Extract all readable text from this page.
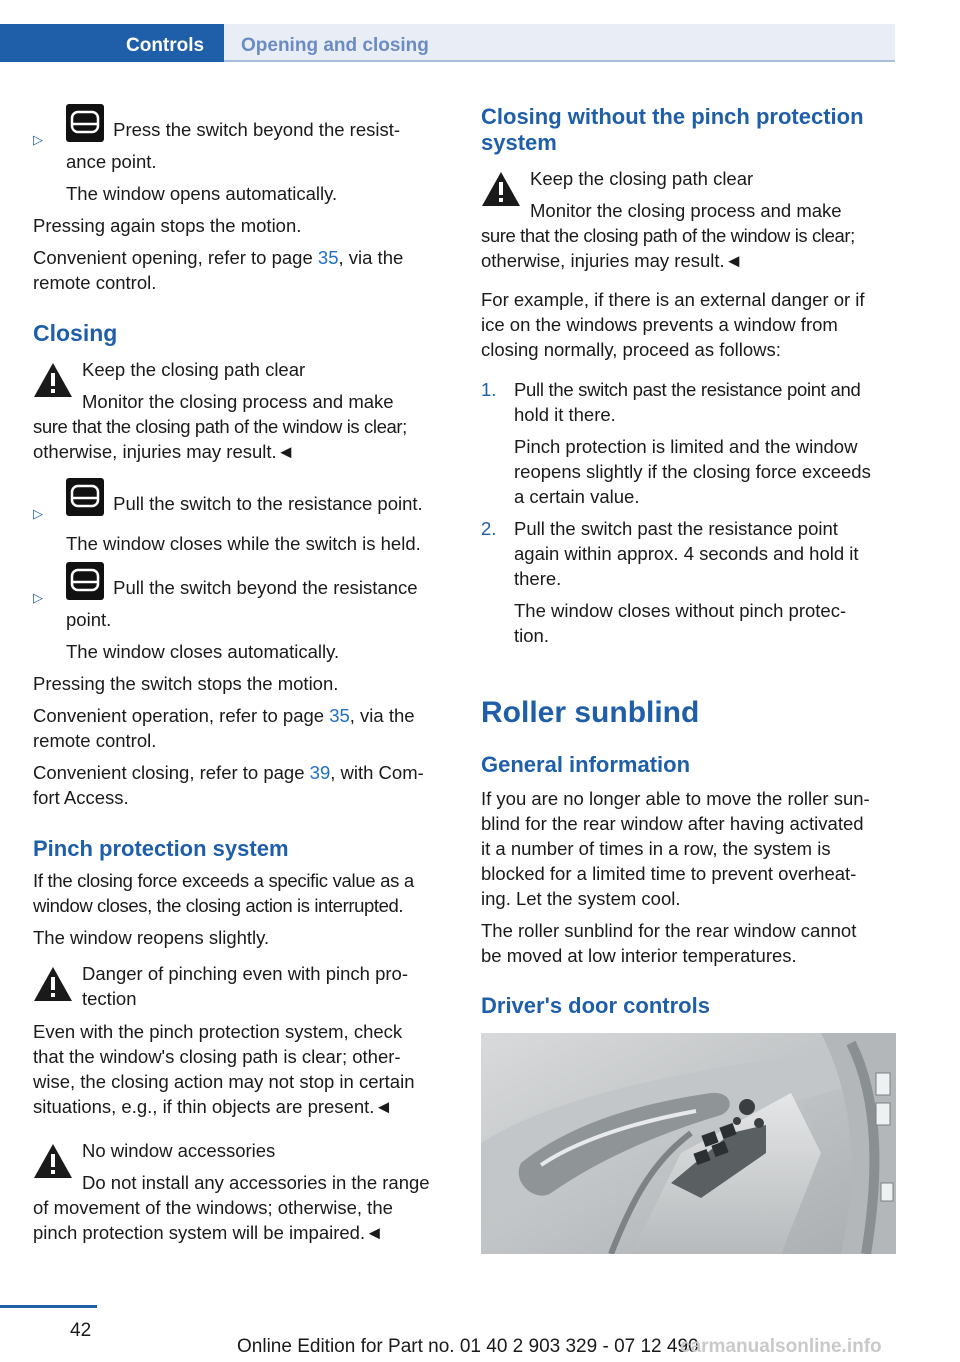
Controls Opening and closing
▷	Press the switch beyond the resist-

ance point.

The window opens automatically.

Pressing again stops the motion.

Convenient opening, refer to page 35, via the

remote control.

Closing

Keep the closing path clear

Monitor the closing process and make

sure that the closing path of the window is clear;

otherwise, injuries may result.◄

▷	Pull the switch to the resistance point.

The window closes while the switch is held.

▷	Pull the switch beyond the resistance

point.

The window closes automatically.

Pressing the switch stops the motion.

Convenient operation, refer to page 35, via the

remote control.

Convenient closing, refer to page 39, with Com-

fort Access.

Pinch protection system

If the closing force exceeds a specific value as a

window closes, the closing action is interrupted.

The window reopens slightly.

Danger of pinching even with pinch pro-

tection

Even with the pinch protection system, check

that the window's closing path is clear; other-

wise, the closing action may not stop in certain

situations, e.g., if thin objects are present.◄

No window accessories

Do not install any accessories in the range

of movement of the windows; otherwise, the

pinch protection system will be impaired.◄

Closing without the pinch protection
system

Keep the closing path clear

Monitor the closing process and make

sure that the closing path of the window is clear;

otherwise, injuries may result.◄

For example, if there is an external danger or if

ice on the windows prevents a window from

closing normally, proceed as follows:

1. Pull the switch past the resistance point and

hold it there.

Pinch protection is limited and the window

reopens slightly if the closing force exceeds

a certain value.

2. Pull the switch past the resistance point

again within approx. 4 seconds and hold it

there.

The window closes without pinch protec-

tion.

Roller sunblind
General information

If you are no longer able to move the roller sun-

blind for the rear window after having activated

it a number of times in a row, the system is

blocked for a limited time to prevent overheat-

ing. Let the system cool.

The roller sunblind for the rear window cannot

be moved at low interior temperatures.

Driver's door controls
42
Online Edition for Part no. 01 40 2 903 329 - 07 12 490
carmanualsonline.info
